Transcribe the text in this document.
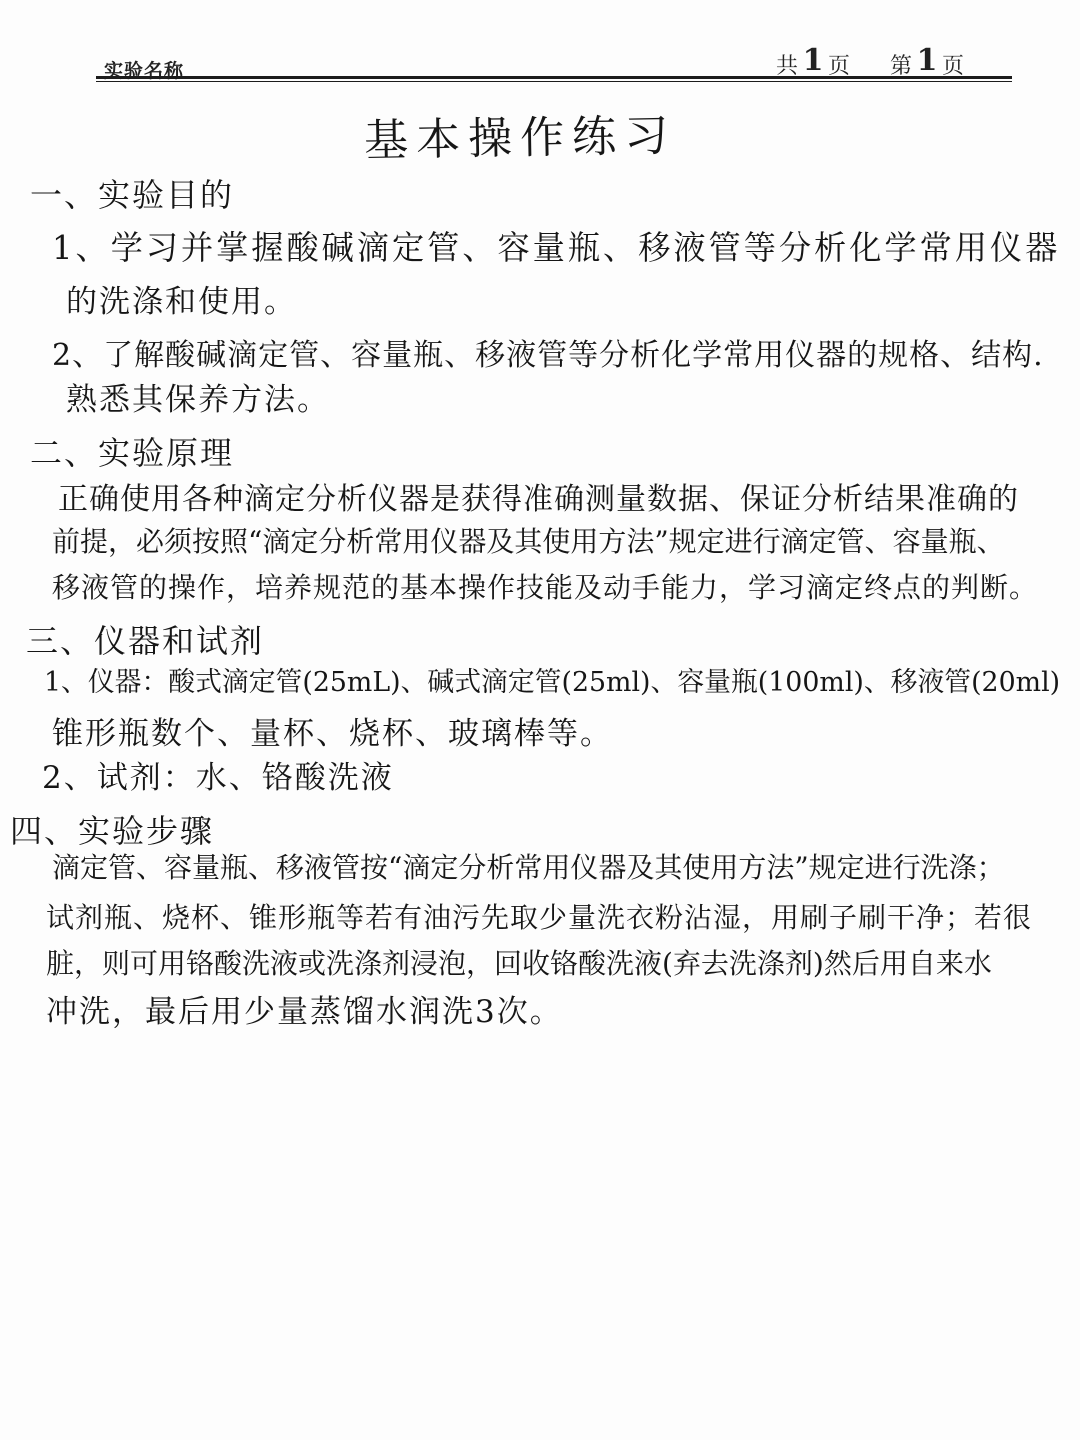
实验名称	共 1 页 第 1 页
基本操作练习
一、实验目的
1、学习并掌握酸碱滴定管、容量瓶、移液管等分析化学常用仪器
的洗涤和使用。
2、了解酸碱滴定管、容量瓶、移液管等分析化学常用仪器的规格、结构.
熟悉其保养方法。
二、实验原理
正确使用各种滴定分析仪器是获得准确测量数据、保证分析结果准确的
前提，必须按照“滴定分析常用仪器及其使用方法”规定进行滴定管、容量瓶、
移液管的操作，培养规范的基本操作技能及动手能力，学习滴定终点的判断。
三、仪器和试剂
1、仪器：酸式滴定管(25mL)、碱式滴定管(25ml)、容量瓶(100ml)、移液管(20ml)
锥形瓶数个、量杯、烧杯、玻璃棒等。
2、试剂：水、铬酸洗液
四、实验步骤
滴定管、容量瓶、移液管按“滴定分析常用仪器及其使用方法”规定进行洗涤；
试剂瓶、烧杯、锥形瓶等若有油污先取少量洗衣粉沾湿，用刷子刷干净；若很
脏，则可用铬酸洗液或洗涤剂浸泡，回收铬酸洗液(弃去洗涤剂)然后用自来水
冲洗，最后用少量蒸馏水润洗3次。
